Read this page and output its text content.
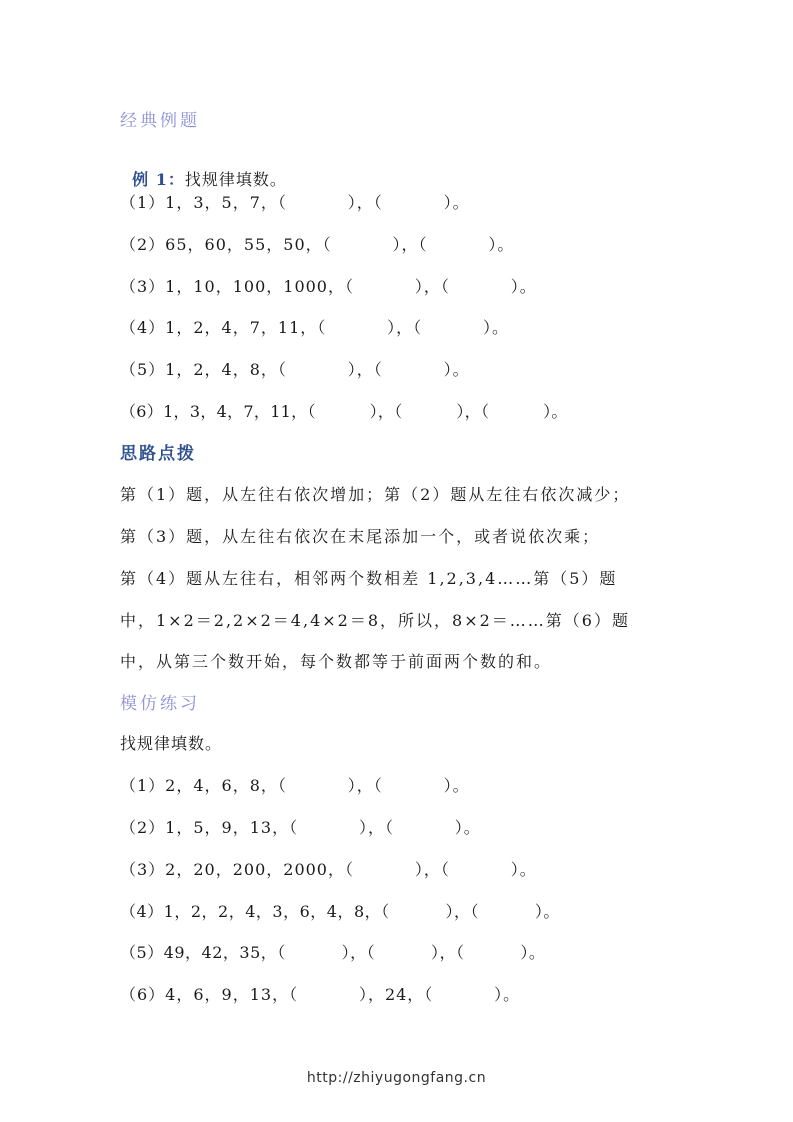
经典例题

例 1：找规律填数。

（1）1，3，5，7，（          ），（          ）。
（2）65，60，55，50，（          ），（          ）。
（3）1，10，100，1000，（          ），（          ）。
（4）1，2，4，7，11，（          ），（          ）。
（5）1，2，4，8，（          ），（          ）。
（6）1，3，4，7，11，（          ），（          ），（          ）。
思路点拨
第（1）题，从左往右依次增加；第（2）题从左往右依次减少；
第（3）题，从左往右依次在末尾添加一个，或者说依次乘；
第（4）题从左往右，相邻两个数相差 1,2,3,4……第（5）题
中，1×2＝2,2×2＝4,4×2＝8，所以，8×2＝……第（6）题
中，从第三个数开始，每个数都等于前面两个数的和。
模仿练习
找规律填数。
（1）2，4，6，8，（          ），（          ）。
（2）1，5，9，13，（          ），（          ）。
（3）2，20，200，2000，（          ），（          ）。
（4）1，2，2，4，3，6，4，8，（          ），（          ）。
（5）49，42，35，（          ），（          ），（          ）。
（6）4，6，9，13，（          ），24，（          ）。
http://zhiyugongfang.cn
